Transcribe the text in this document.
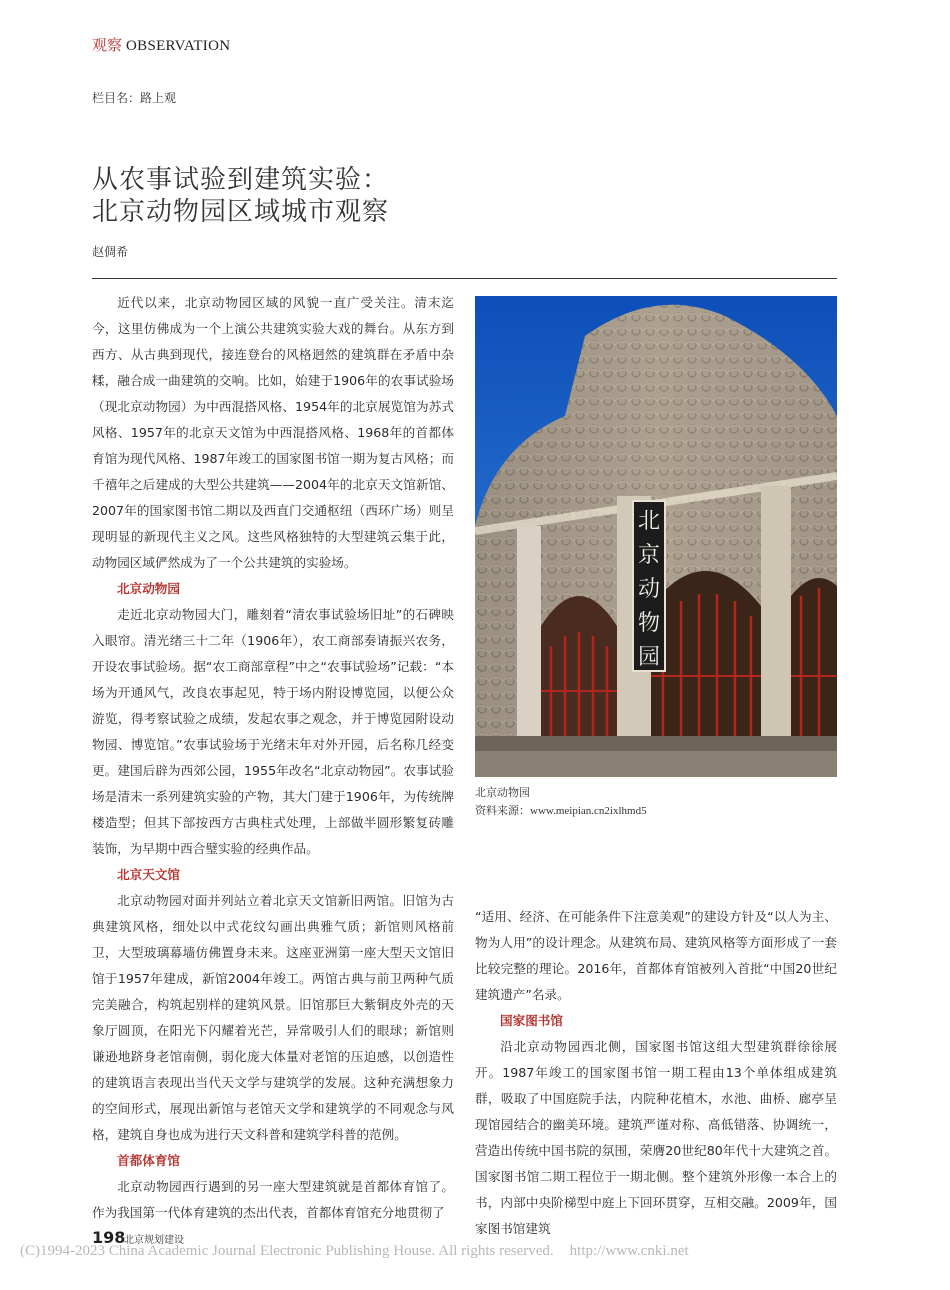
观察 OBSERVATION
栏目名：路上观
从农事试验到建筑实验：
北京动物园区域城市观察
赵倜希

近代以来，北京动物园区域的风貌一直广受关注。清末迄今，这里仿佛成为一个上演公共建筑实验大戏的舞台。从东方到西方、从古典到现代，接连登台的风格迥然的建筑群在矛盾中杂糅，融合成一曲建筑的交响。比如，始建于1906年的农事试验场（现北京动物园）为中西混搭风格、1954年的北京展览馆为苏式风格、1957年的北京天文馆为中西混搭风格、1968年的首都体育馆为现代风格、1987年竣工的国家图书馆一期为复古风格；而千禧年之后建成的大型公共建筑——2004年的北京天文馆新馆、2007年的国家图书馆二期以及西直门交通枢纽（西环广场）则呈现明显的新现代主义之风。这些风格独特的大型建筑云集于此，动物园区域俨然成为了一个公共建筑的实验场。

北京动物园

走近北京动物园大门，雕刻着“清农事试验场旧址”的石碑映入眼帘。清光绪三十二年（1906年），农工商部奏请振兴农务，开设农事试验场。据“农工商部章程”中之“农事试验场”记载：“本场为开通风气，改良农事起见，特于场内附设博览园，以便公众游览，得考察试验之成绩，发起农事之观念，并于博览园附设动物园、博览馆。”农事试验场于光绪末年对外开园，后名称几经变更。建国后辟为西郊公园，1955年改名“北京动物园”。农事试验场是清末一系列建筑实验的产物，其大门建于1906年，为传统牌楼造型；但其下部按西方古典柱式处理，上部做半圆形繁复砖雕装饰，为早期中西合璧实验的经典作品。

北京天文馆

北京动物园对面并列站立着北京天文馆新旧两馆。旧馆为古典建筑风格，细处以中式花纹勾画出典雅气质；新馆则风格前卫，大型玻璃幕墙仿佛置身未来。这座亚洲第一座大型天文馆旧馆于1957年建成，新馆2004年竣工。两馆古典与前卫两种气质完美融合，构筑起别样的建筑风景。旧馆那巨大紫铜皮外壳的天象厅圆顶，在阳光下闪耀着光芒，异常吸引人们的眼球；新馆则谦逊地跻身老馆南侧，弱化庞大体量对老馆的压迫感，以创造性的建筑语言表现出当代天文学与建筑学的发展。这种充满想象力的空间形式，展现出新馆与老馆天文学和建筑学的不同观念与风格，建筑自身也成为进行天文科普和建筑学科普的范例。

首都体育馆

北京动物园西行遇到的另一座大型建筑就是首都体育馆了。作为我国第一代体育建筑的杰出代表，首都体育馆充分地贯彻了

北
京
动
物
园
北京动物园
资料来源：www.meipian.cn2ixlhmd5

“适用、经济、在可能条件下注意美观”的建设方针及“以人为主、物为人用”的设计理念。从建筑布局、建筑风格等方面形成了一套比较完整的理论。2016年，首都体育馆被列入首批“中国20世纪建筑遗产”名录。

国家图书馆

沿北京动物园西北侧，国家图书馆这组大型建筑群徐徐展开。1987年竣工的国家图书馆一期工程由13个单体组成建筑群，吸取了中国庭院手法，内院种花植木，水池、曲桥、廊亭呈现馆园结合的幽美环境。建筑严谨对称、高低错落、协调统一，营造出传统中国书院的氛围，荣膺20世纪80年代十大建筑之首。国家图书馆二期工程位于一期北侧。整个建筑外形像一本合上的书，内部中央阶梯型中庭上下回环贯穿，互相交融。2009年，国家图书馆建筑

198
北京规划建设
(C)1994-2023 China Academic Journal Electronic Publishing House. All rights reserved. http://www.cnki.net
